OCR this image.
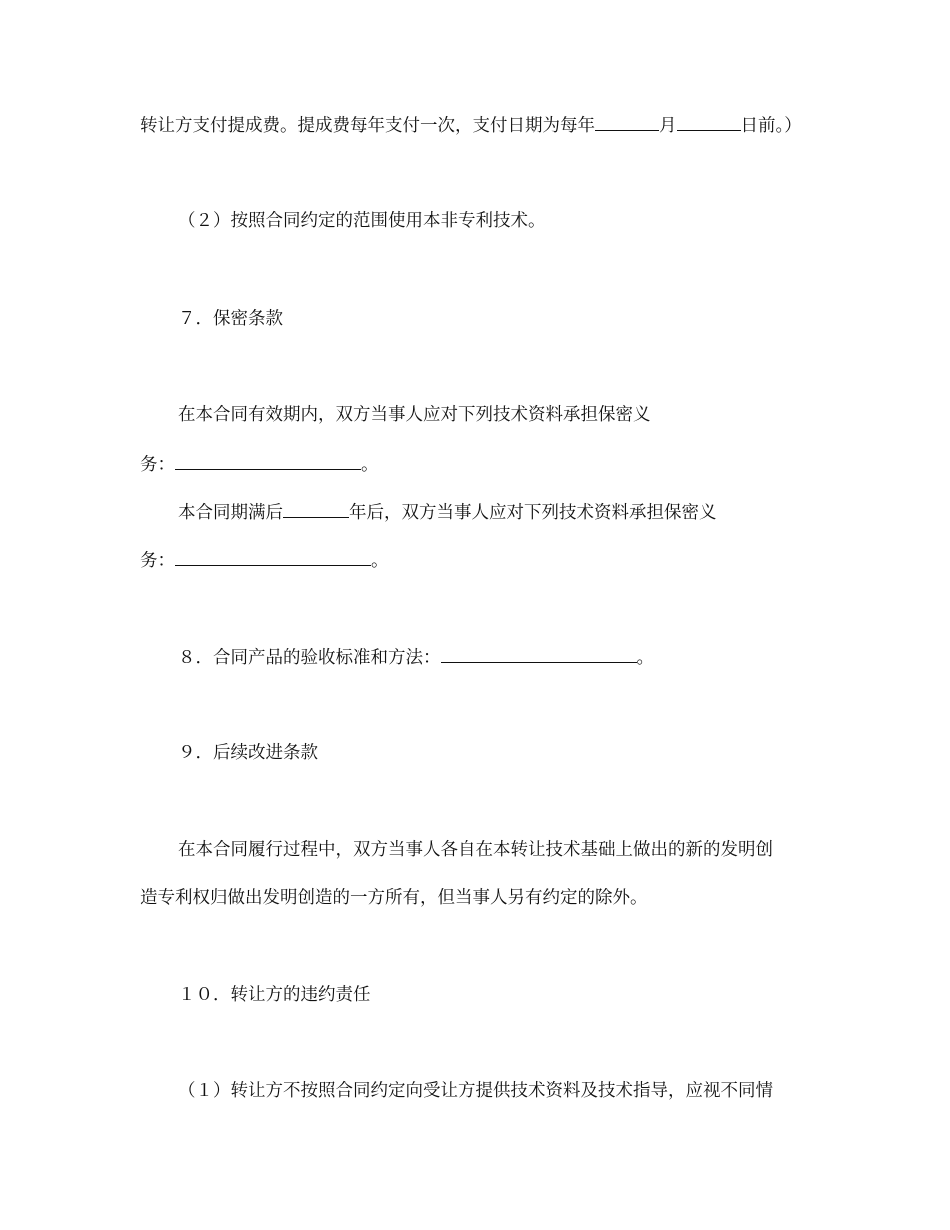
转让方支付提成费。提成费每年支付一次，支付日期为每年	月	日前。）
（２）按照合同约定的范围使用本非专利技术。
７．保密条款
在本合同有效期内，双方当事人应对下列技术资料承担保密义
务：	。
本合同期满后	年后，双方当事人应对下列技术资料承担保密义
务：	。
８．合同产品的验收标准和方法：	。
９．后续改进条款
在本合同履行过程中，双方当事人各自在本转让技术基础上做出的新的发明创
造专利权归做出发明创造的一方所有，但当事人另有约定的除外。
１０．转让方的违约责任
（１）转让方不按照合同约定向受让方提供技术资料及技术指导，应视不同情
